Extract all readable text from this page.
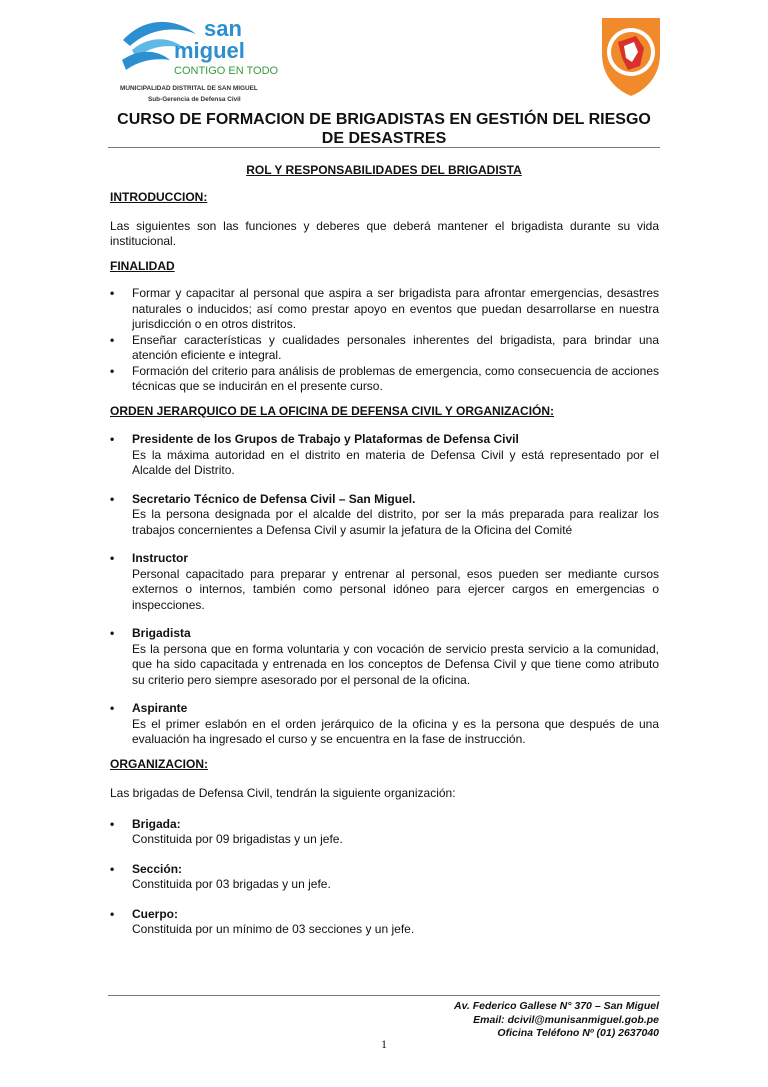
san
miguel
CONTIGO EN TODO
MUNICIPALIDAD DISTRITAL DE SAN MIGUEL
Sub-Gerencia de Defensa Civil
CURSO DE FORMACION DE BRIGADISTAS EN GESTIÓN DEL RIESGO DE DESASTRES
ROL Y RESPONSABILIDADES DEL BRIGADISTA

INTRODUCCION:

Las siguientes son las funciones y deberes que deberá mantener el brigadista durante su vida institucional.

FINALIDAD

• Formar y capacitar al personal que aspira a ser brigadista para afrontar emergencias, desastres naturales o inducidos; así como prestar apoyo en eventos que puedan desarrollarse en nuestra jurisdicción o en otros distritos.
• Enseñar características y cualidades personales inherentes del brigadista, para brindar una atención eficiente e integral.
• Formación del criterio para análisis de problemas de emergencia, como consecuencia de acciones técnicas que se inducirán en el presente curso.

ORDEN JERARQUICO DE LA OFICINA DE DEFENSA CIVIL Y ORGANIZACIÓN:

• Presidente de los Grupos de Trabajo y Plataformas de Defensa Civil
Es la máxima autoridad en el distrito en materia de Defensa Civil y está representado por el Alcalde del Distrito.
• Secretario Técnico de Defensa Civil – San Miguel.
Es la persona designada por el alcalde del distrito, por ser la más preparada para realizar los trabajos concernientes a Defensa Civil y asumir la jefatura de la Oficina del Comité
• Instructor
Personal capacitado para preparar y entrenar al personal, esos pueden ser mediante cursos externos o internos, también como personal idóneo para ejercer cargos en emergencias o inspecciones.
• Brigadista
Es la persona que en forma voluntaria y con vocación de servicio presta servicio a la comunidad, que ha sido capacitada y entrenada en los conceptos de Defensa Civil y que tiene como atributo su criterio pero siempre asesorado por el personal de la oficina.
• Aspirante
Es el primer eslabón en el orden jerárquico de la oficina y es la persona que después de una evaluación ha ingresado el curso y se encuentra en la fase de instrucción.

ORGANIZACION:

Las brigadas de Defensa Civil, tendrán la siguiente organización:

• Brigada:
Constituida por 09 brigadistas y un jefe.
• Sección:
Constituida por 03 brigadas y un jefe.
• Cuerpo:
Constituida por un mínimo de 03 secciones y un jefe.
Av. Federico Gallese N° 370 – San Miguel
Email: dcivil@munisanmiguel.gob.pe
Oficina Teléfono Nº (01) 2637040
1
